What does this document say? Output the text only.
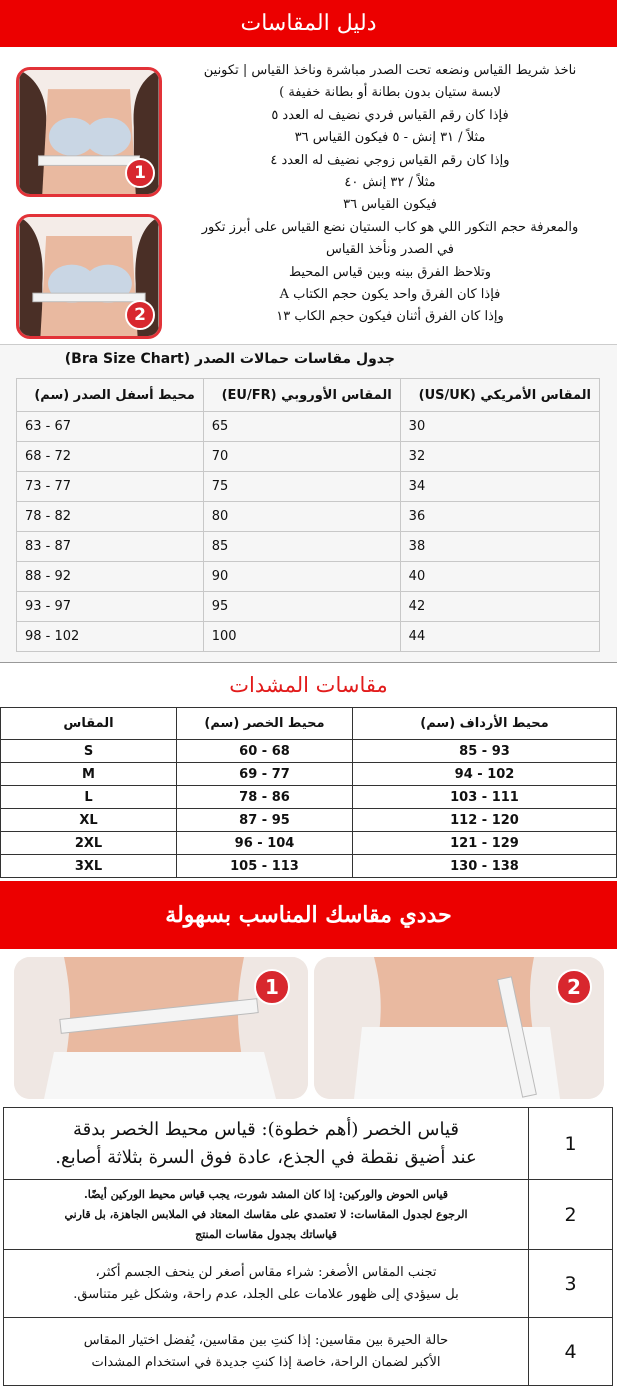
دليل المقاسات
1
2
ناخذ شريط القياس ونضعه تحت الصدر مباشرة وناخذ القياس | تكونين
لابسة ستيان بدون بطانة أو بطانة خفيفة )
فإذا كان رقم القياس فردي نضيف له العدد ٥
مثلاً / ٣١ إنش - ٥ فيكون القياس ٣٦
وإذا كان رقم القياس زوجي نضيف له العدد ٤
مثلاً / ٣٢ إنش ٤٠
فيكون القياس ٣٦
والمعرفة حجم التكور اللي هو كاب الستيان نضع القياس على أبرز تكور
في الصدر ونأخذ القياس
وتلاحظ الفرق بينه وبين قياس المحيط
فإذا كان الفرق واحد يكون حجم الكتاب A
وإذا كان الفرق أثنان فيكون حجم الكاب ١٣
جدول مقاسات حمالات الصدر (Bra Size Chart)
محيط أسفل الصدر (سم)	المقاس الأوروبي (EU/FR)	المقاس الأمريكي (US/UK)
63 - 67	65	30
68 - 72	70	32
73 - 77	75	34
78 - 82	80	36
83 - 87	85	38
88 - 92	90	40
93 - 97	95	42
98 - 102	100	44
مقاسات المشدات
المقاس	محيط الخصر (سم)	محيط الأرداف (سم)
S	60 - 68	85 - 93
M	69 - 77	94 - 102
L	78 - 86	103 - 111
XL	87 - 95	112 - 120
2XL	96 - 104	121 - 129
3XL	105 - 113	130 - 138
حددي مقاسك المناسب بسهولة
1	2
قياس الخصر (أهم خطوة): قياس محيط الخصر بدقة
عند أضيق نقطة في الجذع، عادة فوق السرة بثلاثة أصابع.	1

قياس الحوض والوركين: إذا كان المشد شورت، يجب قياس محيط الوركين أيضًا.
الرجوع لجدول المقاسات: لا تعتمدي على مقاسك المعتاد في الملابس الجاهزة، بل قارني
قياساتك بجدول مقاسات المنتج	2

تجنب المقاس الأصغر: شراء مقاس أصغر لن ينحف الجسم أكثر،
بل سيؤدي إلى ظهور علامات على الجلد، عدم راحة، وشكل غير متناسق.	3

حالة الحيرة بين مقاسين: إذا كنتِ بين مقاسين، يُفضل اختيار المقاس
الأكبر لضمان الراحة، خاصة إذا كنتِ جديدة في استخدام المشدات	4
